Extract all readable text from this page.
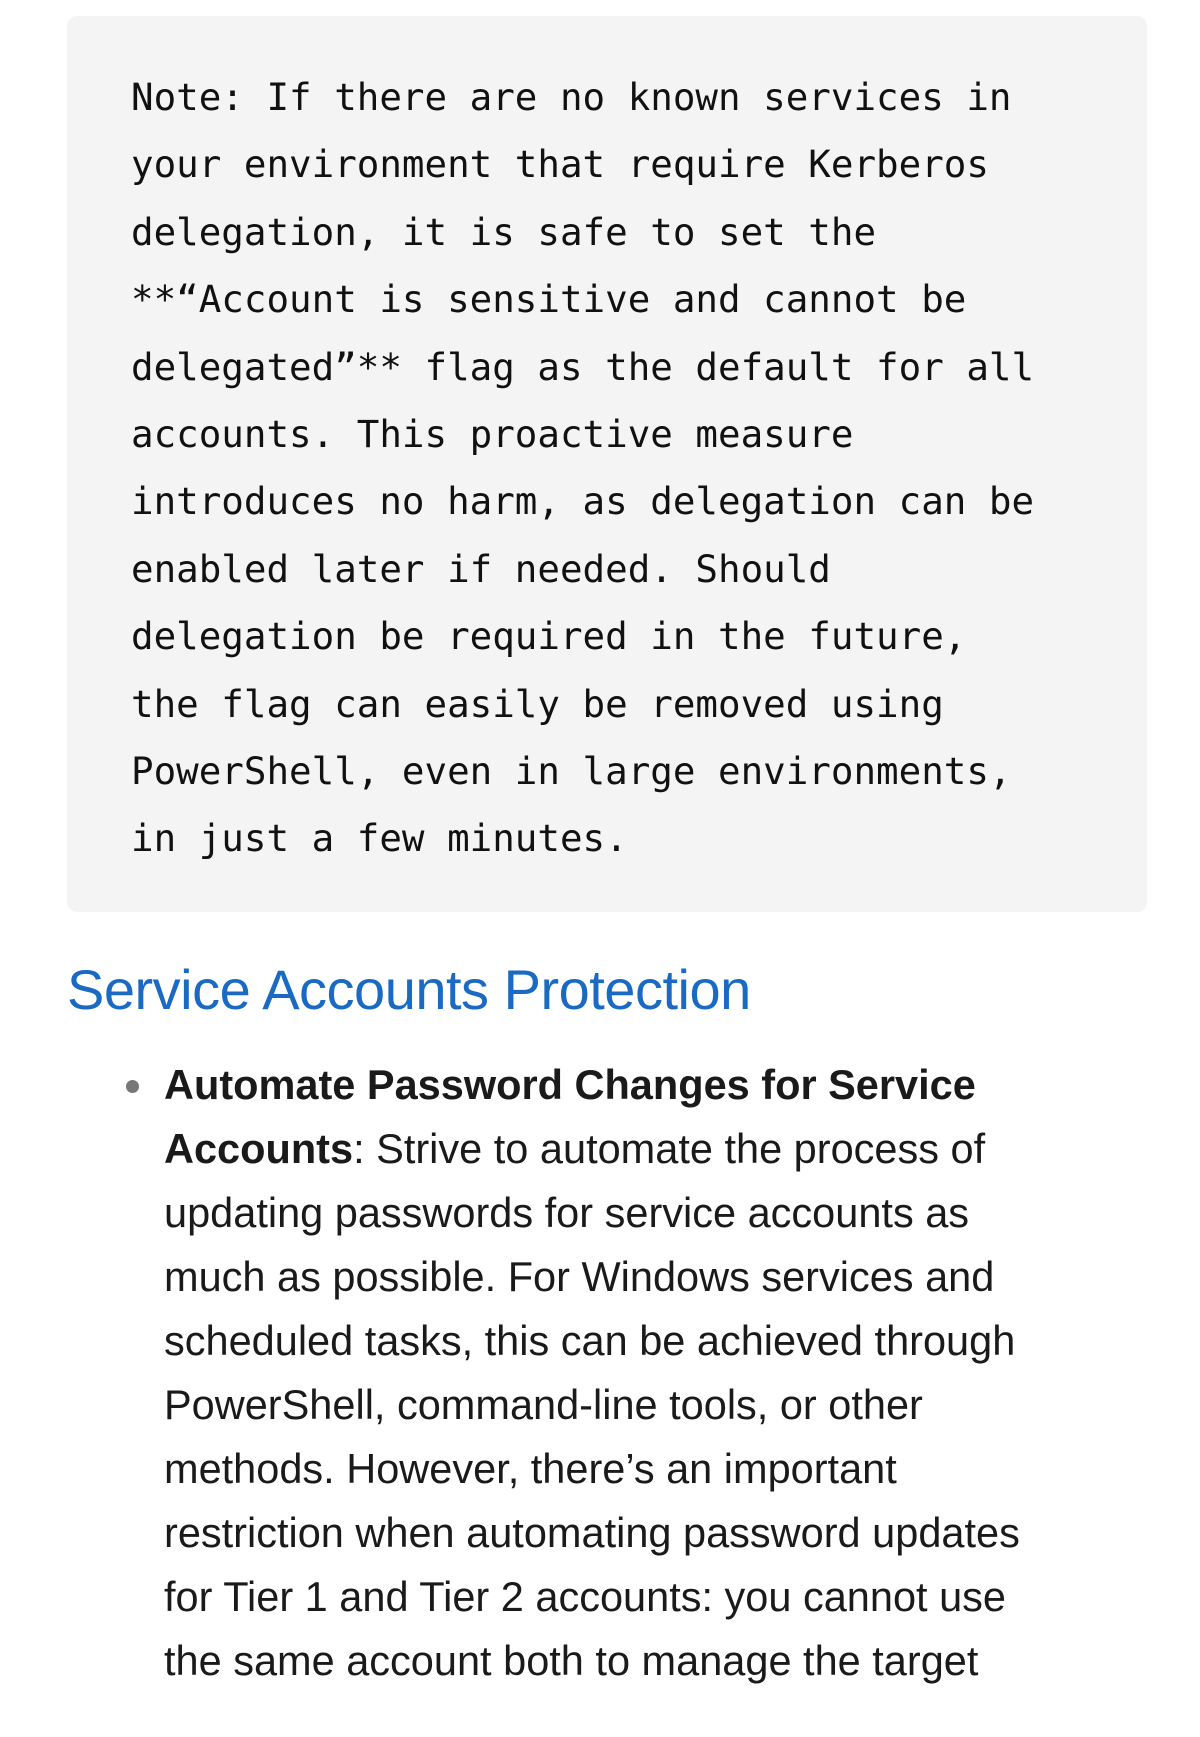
Note: If there are no known services in
your environment that require Kerberos
delegation, it is safe to set the
**“Account is sensitive and cannot be
delegated”** flag as the default for all
accounts. This proactive measure
introduces no harm, as delegation can be
enabled later if needed. Should
delegation be required in the future,
the flag can easily be removed using
PowerShell, even in large environments,
in just a few minutes.
Service Accounts Protection
Automate Password Changes for Service
Accounts: Strive to automate the process of
updating passwords for service accounts as
much as possible. For Windows services and
scheduled tasks, this can be achieved through
PowerShell, command-line tools, or other
methods. However, there’s an important
restriction when automating password updates
for Tier 1 and Tier 2 accounts: you cannot use
the same account both to manage the target
